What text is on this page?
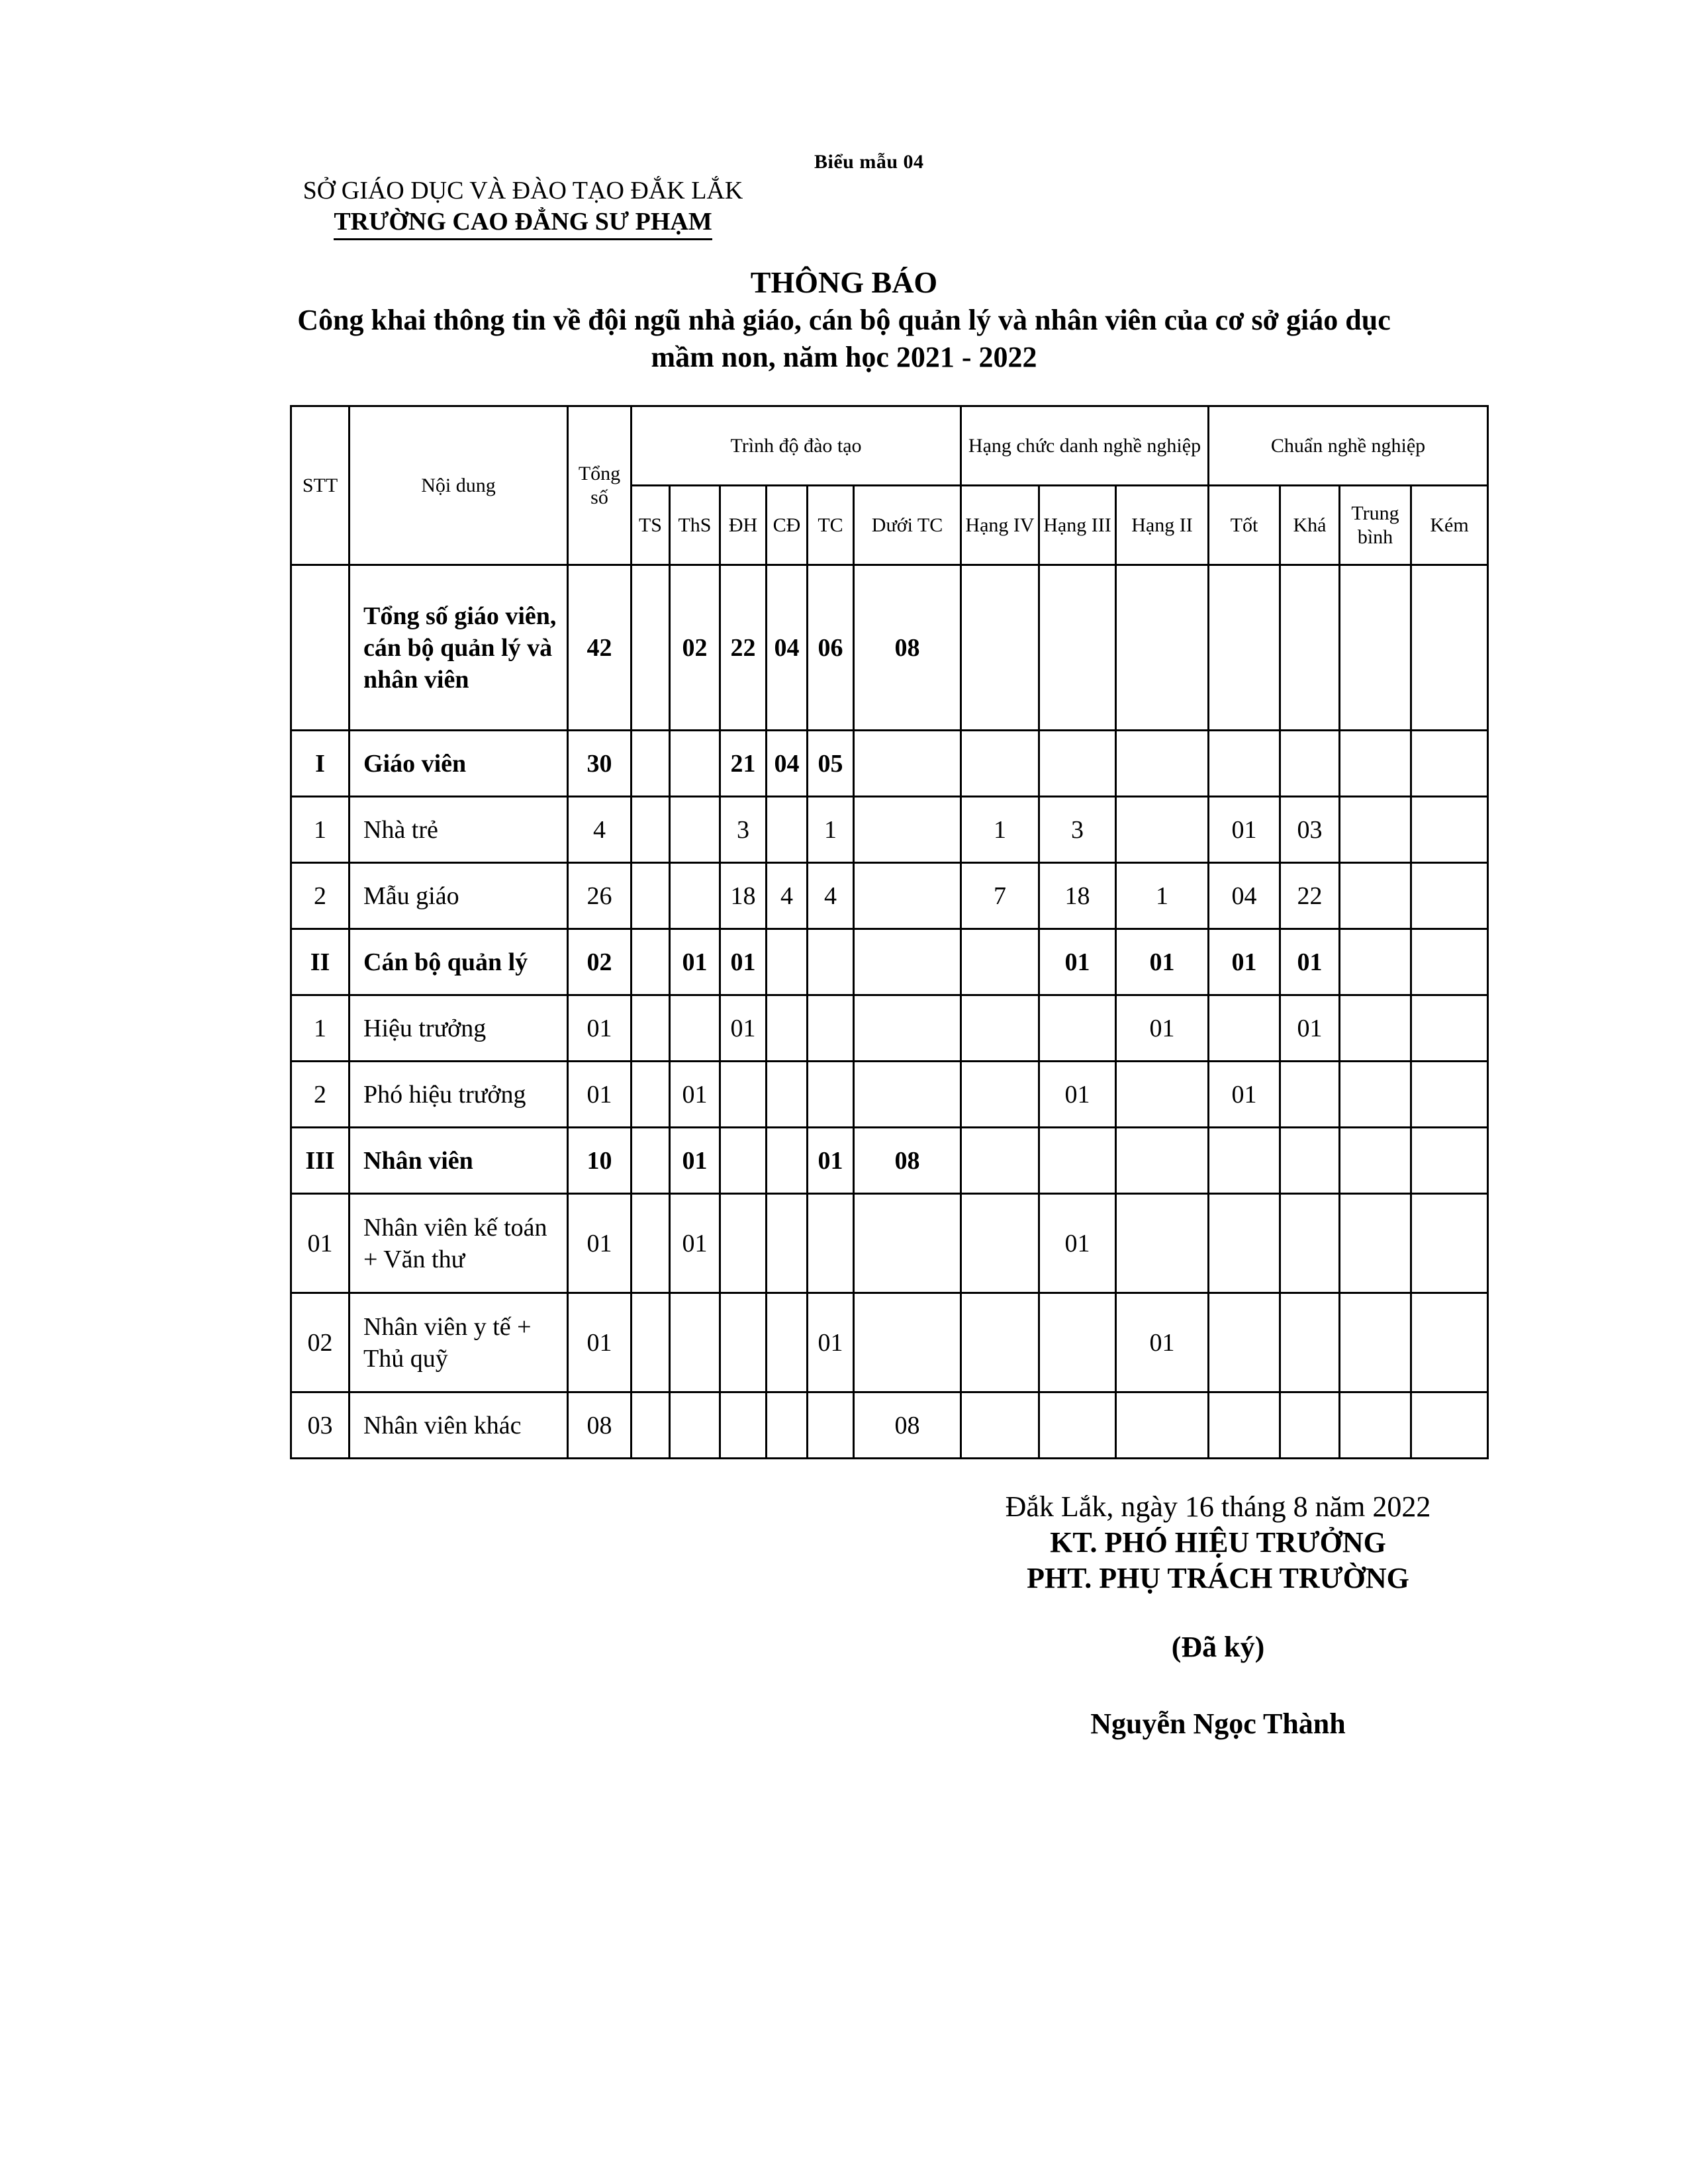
Biểu mẫu 04
SỞ GIÁO DỤC VÀ ĐÀO TẠO ĐẮK LẮK
TRƯỜNG CAO ĐẲNG SƯ PHẠM
THÔNG BÁO
Công khai thông tin về đội ngũ nhà giáo, cán bộ quản lý và nhân viên của cơ sở giáo dục
mầm non, năm học 2021 - 2022
STT	Nội dung	Tổng số	Trình độ đào tạo						Hạng chức danh nghề nghiệp			Chuẩn nghề nghiệp			
			TS	ThS	ĐH	CĐ	TC	Dưới TC	Hạng IV	Hạng III	Hạng II	Tốt	Khá	Trung bình	Kém
	Tổng số giáo viên, cán bộ quản lý và nhân viên	42		02	22	04	06	08							
I	Giáo viên	30			21	04	05								
1	Nhà trẻ	4			3		1		1	3		01	03		
2	Mẫu giáo	26			18	4	4		7	18	1	04	22		
II	Cán bộ quản lý	02		01	01					01	01	01	01		
1	Hiệu trưởng	01			01						01		01		
2	Phó hiệu trưởng	01		01						01		01			
III	Nhân viên	10		01			01	08							
01	Nhân viên kế toán + Văn thư	01		01						01					
02	Nhân viên y tế + Thủ quỹ	01					01				01				
03	Nhân viên khác	08						08							
Đắk Lắk, ngày 16 tháng 8 năm 2022
KT. PHÓ HIỆU TRƯỞNG
PHT. PHỤ TRÁCH TRƯỜNG
(Đã ký)
Nguyễn Ngọc Thành
